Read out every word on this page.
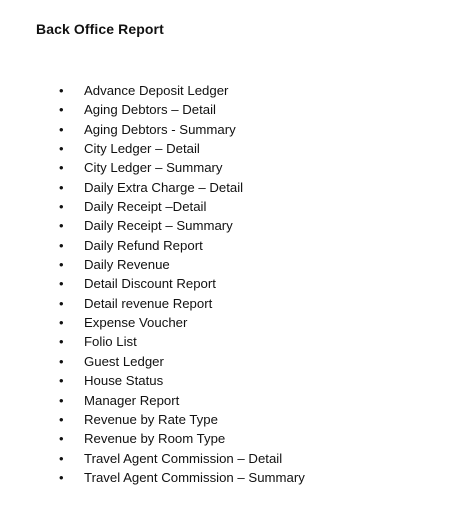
Back Office Report
• Advance Deposit Ledger
• Aging Debtors – Detail
• Aging Debtors - Summary
• City Ledger – Detail
• City Ledger – Summary
• Daily Extra Charge – Detail
• Daily Receipt –Detail
• Daily Receipt – Summary
• Daily Refund Report
• Daily Revenue
• Detail Discount Report
• Detail revenue Report
• Expense Voucher
• Folio List
• Guest Ledger
• House Status
• Manager Report
• Revenue by Rate Type
• Revenue by Room Type
• Travel Agent Commission – Detail
• Travel Agent Commission – Summary
